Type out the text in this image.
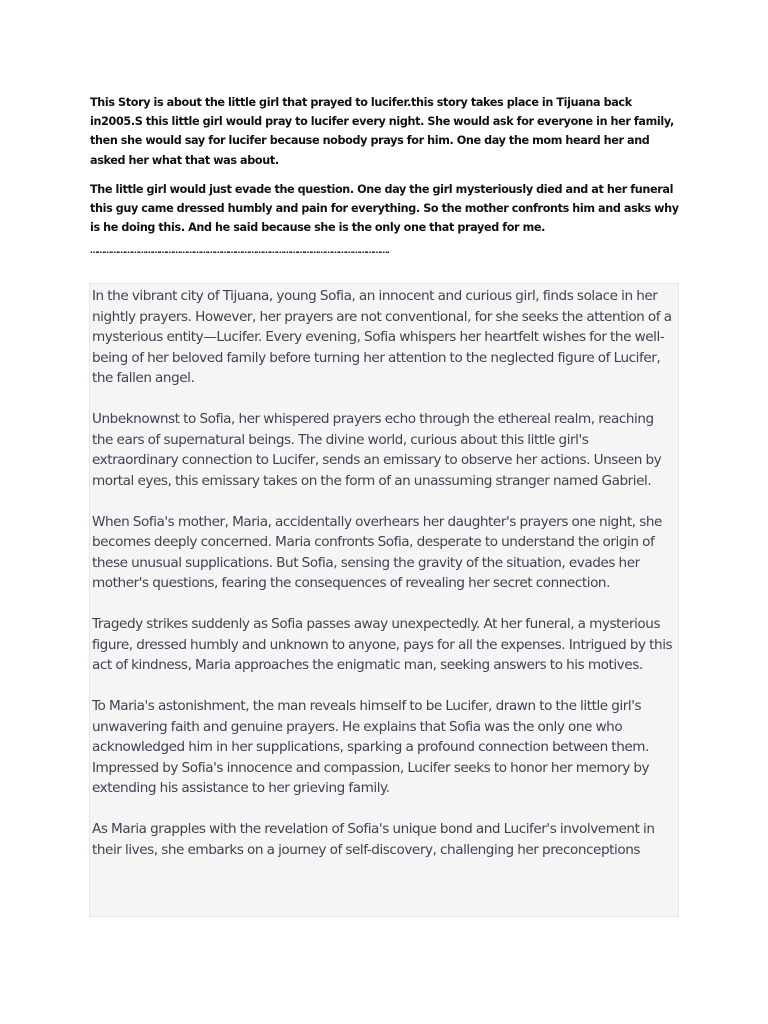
This Story is about the little girl that prayed to lucifer.this story takes place in Tijuana back in2005.S this little girl would pray to lucifer every night. She would ask for everyone in her family, then she would say for lucifer because nobody prays for him. One day the mom heard her and asked her what that was about.

The little girl would just evade the question. One day the girl mysteriously died and at her funeral this guy came dressed humbly and pain for everything. So the mother confronts him and asks why is he doing this. And he said because she is the only one that prayed for me.

………………………………………………………………………………………………………………….

In the vibrant city of Tijuana, young Sofia, an innocent and curious girl, finds solace in her nightly prayers. However, her prayers are not conventional, for she seeks the attention of a mysterious entity—Lucifer. Every evening, Sofia whispers her heartfelt wishes for the well-being of her beloved family before turning her attention to the neglected figure of Lucifer, the fallen angel.

Unbeknownst to Sofia, her whispered prayers echo through the ethereal realm, reaching the ears of supernatural beings. The divine world, curious about this little girl's extraordinary connection to Lucifer, sends an emissary to observe her actions. Unseen by mortal eyes, this emissary takes on the form of an unassuming stranger named Gabriel.

When Sofia's mother, Maria, accidentally overhears her daughter's prayers one night, she becomes deeply concerned. Maria confronts Sofia, desperate to understand the origin of these unusual supplications. But Sofia, sensing the gravity of the situation, evades her mother's questions, fearing the consequences of revealing her secret connection.

Tragedy strikes suddenly as Sofia passes away unexpectedly. At her funeral, a mysterious figure, dressed humbly and unknown to anyone, pays for all the expenses. Intrigued by this act of kindness, Maria approaches the enigmatic man, seeking answers to his motives.

To Maria's astonishment, the man reveals himself to be Lucifer, drawn to the little girl's unwavering faith and genuine prayers. He explains that Sofia was the only one who acknowledged him in her supplications, sparking a profound connection between them. Impressed by Sofia's innocence and compassion, Lucifer seeks to honor her memory by extending his assistance to her grieving family.

As Maria grapples with the revelation of Sofia's unique bond and Lucifer's involvement in their lives, she embarks on a journey of self-discovery, challenging her preconceptions
